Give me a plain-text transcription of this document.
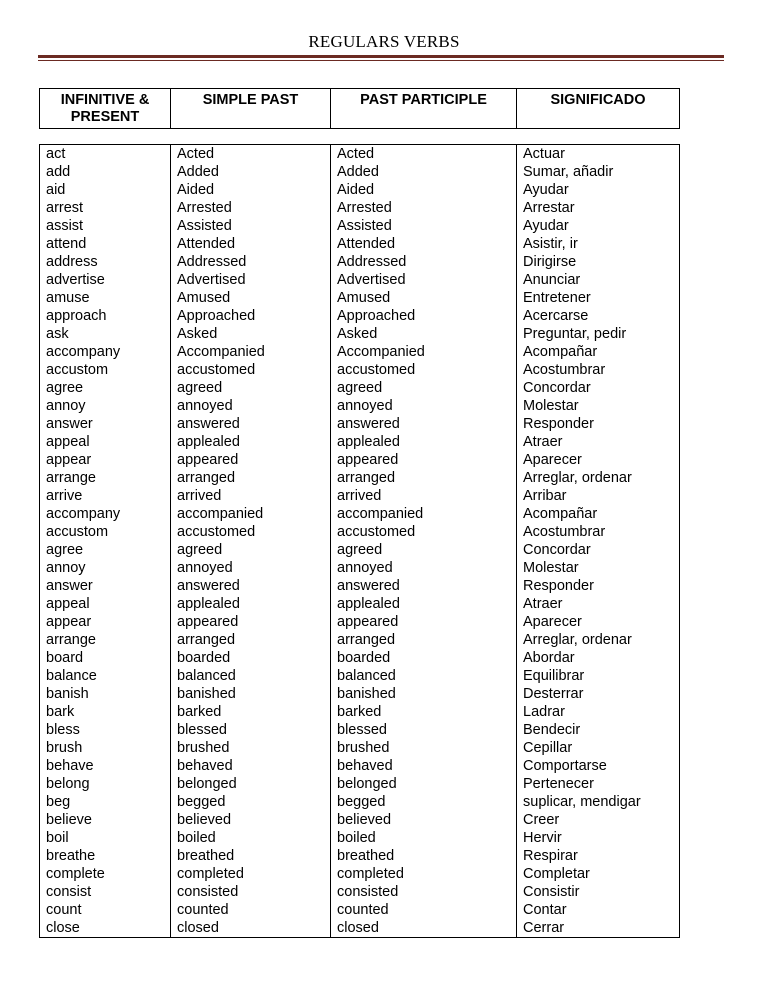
REGULARS VERBS
INFINITIVE & PRESENT	SIMPLE PAST	PAST PARTICIPLE	SIGNIFICADO
act	Acted	Acted	Actuar
add	Added	Added	Sumar, añadir
aid	Aided	Aided	Ayudar
arrest	Arrested	Arrested	Arrestar
assist	Assisted	Assisted	Ayudar
attend	Attended	Attended	Asistir, ir
address	Addressed	Addressed	Dirigirse
advertise	Advertised	Advertised	Anunciar
amuse	Amused	Amused	Entretener
approach	Approached	Approached	Acercarse
ask	Asked	Asked	Preguntar, pedir
accompany	Accompanied	Accompanied	Acompañar
accustom	accustomed	accustomed	Acostumbrar
agree	agreed	agreed	Concordar
annoy	annoyed	annoyed	Molestar
answer	answered	answered	Responder
appeal	applealed	applealed	Atraer
appear	appeared	appeared	Aparecer
arrange	arranged	arranged	Arreglar, ordenar
arrive	arrived	arrived	Arribar
accompany	accompanied	accompanied	Acompañar
accustom	accustomed	accustomed	Acostumbrar
agree	agreed	agreed	Concordar
annoy	annoyed	annoyed	Molestar
answer	answered	answered	Responder
appeal	applealed	applealed	Atraer
appear	appeared	appeared	Aparecer
arrange	arranged	arranged	Arreglar, ordenar
board	boarded	boarded	Abordar
balance	balanced	balanced	Equilibrar
banish	banished	banished	Desterrar
bark	barked	barked	Ladrar
bless	blessed	blessed	Bendecir
brush	brushed	brushed	Cepillar
behave	behaved	behaved	Comportarse
belong	belonged	belonged	Pertenecer
beg	begged	begged	suplicar, mendigar
believe	believed	believed	Creer
boil	boiled	boiled	Hervir
breathe	breathed	breathed	Respirar
complete	completed	completed	Completar
consist	consisted	consisted	Consistir
count	counted	counted	Contar
close	closed	closed	Cerrar
